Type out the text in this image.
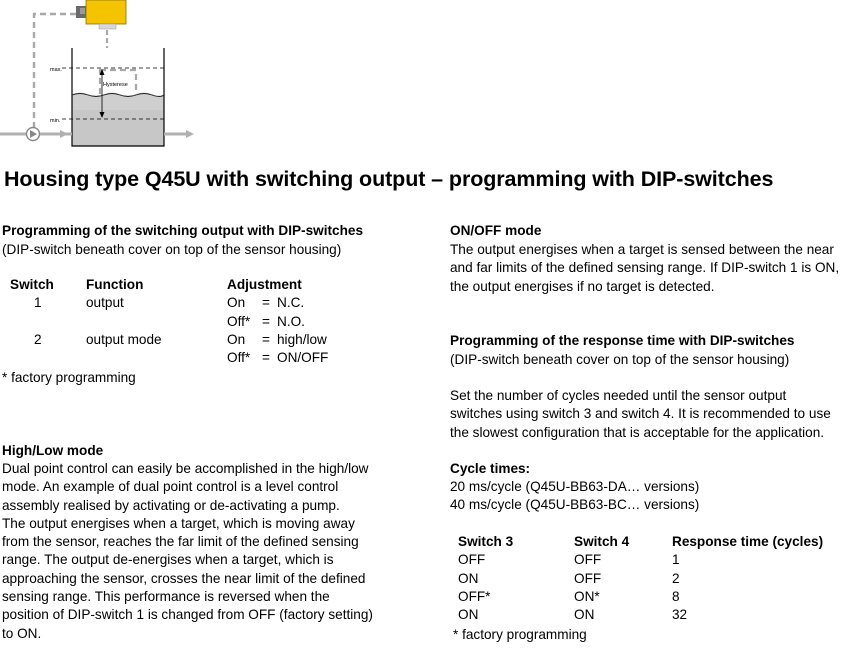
Hysterese
max.
min.
Housing type Q45U with switching output – programming with DIP-switches
Programming of the switching output with DIP-switches
(DIP-switch beneath cover on top of the sensor housing)
Switch	Function	Adjustment		
1	output	On	=	N.C.
		Off*	=	N.O.
2	output mode	On	=	high/low
		Off*	=	ON/OFF
* factory programming
High/Low mode
Dual point control can easily be accomplished in the high/low
mode. An example of dual point control is a level control
assembly realised by activating or de-activating a pump.
The output energises when a target, which is moving away
from the sensor, reaches the far limit of the defined sensing
range. The output de-energises when a target, which is
approaching the sensor, crosses the near limit of the defined
sensing range. This performance is reversed when the
position of DIP-switch 1 is changed from OFF (factory setting)
to ON.
ON/OFF mode
The output energises when a target is sensed between the near
and far limits of the defined sensing range. If DIP-switch 1 is ON,
the output energises if no target is detected.
Programming of the response time with DIP-switches
(DIP-switch beneath cover on top of the sensor housing)
Set the number of cycles needed until the sensor output
switches using switch 3 and switch 4. It is recommended to use
the slowest configuration that is acceptable for the application.
Cycle times:
20 ms/cycle (Q45U-BB63-DA… versions)
40 ms/cycle (Q45U-BB63-BC… versions)
Switch 3	Switch 4	Response time (cycles)
OFF	OFF	1
ON	OFF	2
OFF*	ON*	8
ON	ON	32
* factory programming
